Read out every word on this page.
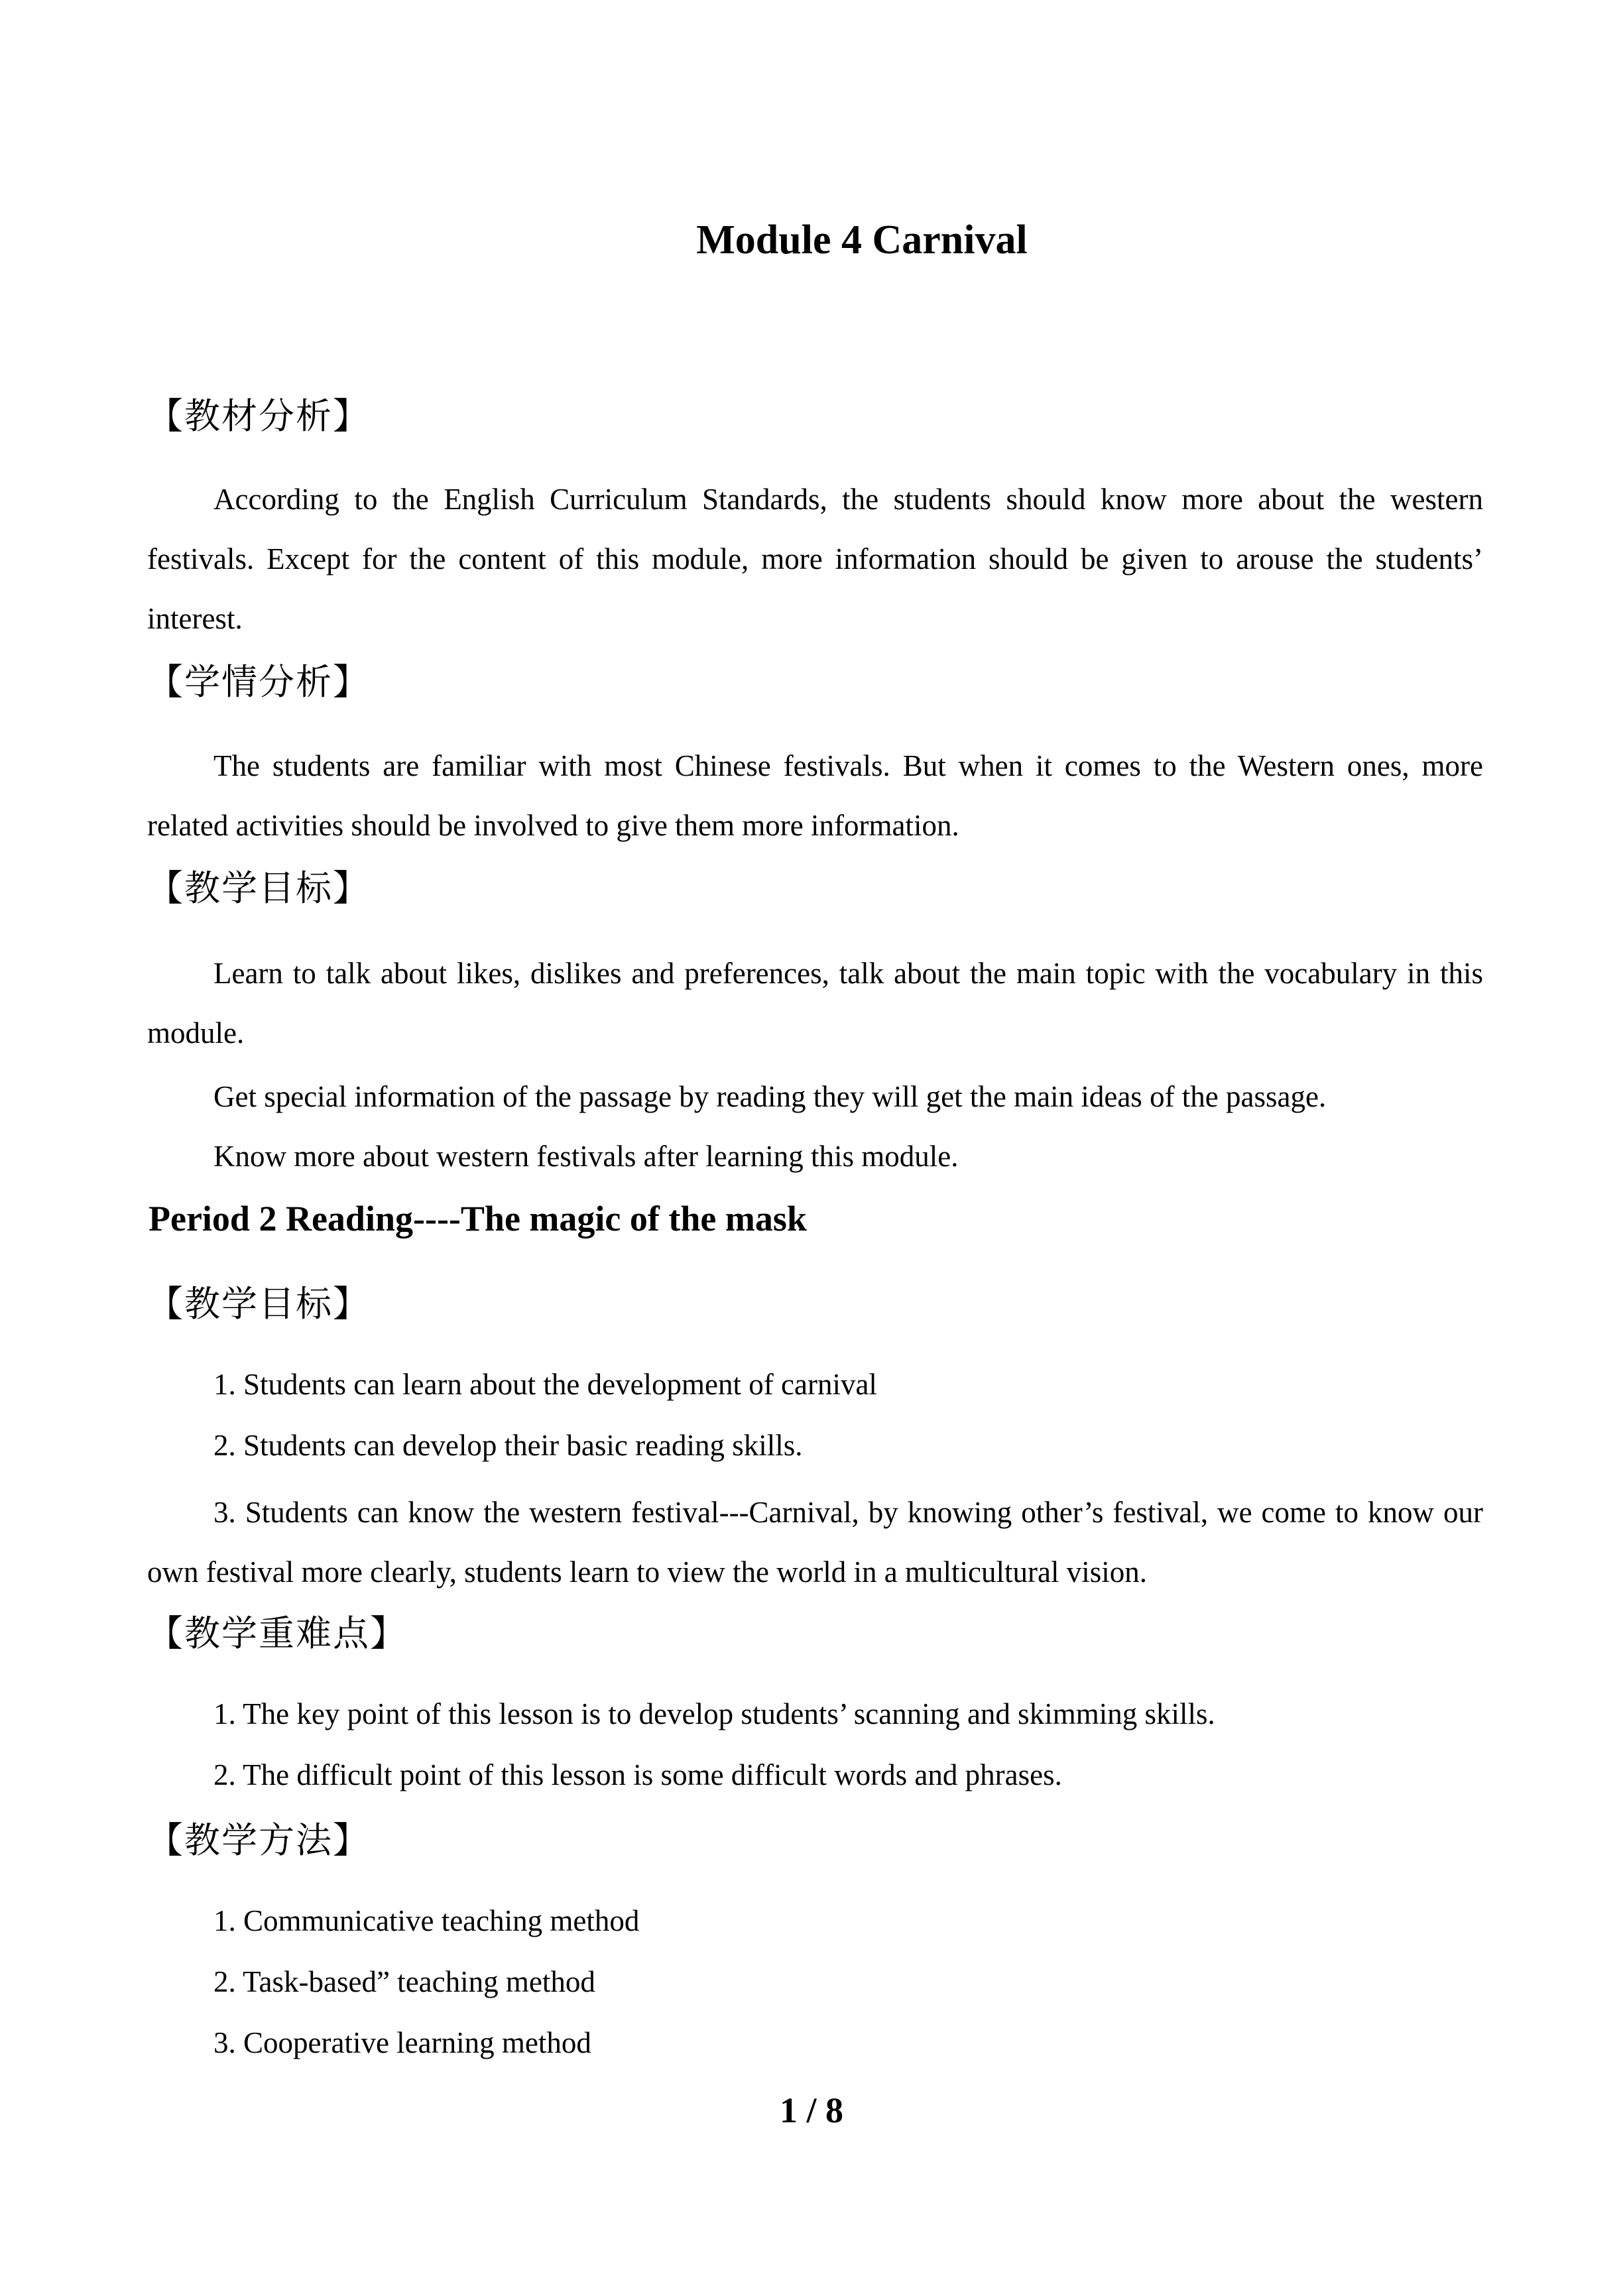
Module 4 Carnival
【教材分析】

According to the English Curriculum Standards, the students should know more about the western festivals. Except for the content of this module, more information should be given to arouse the students’ interest.

【学情分析】

The students are familiar with most Chinese festivals. But when it comes to the Western ones, more related activities should be involved to give them more information.

【教学目标】

Learn to talk about likes, dislikes and preferences, talk about the main topic with the vocabulary in this module.

Get special information of the passage by reading they will get the main ideas of the passage.
Know more about western festivals after learning this module.
Period 2 Reading----The magic of the mask
【教学目标】
1. Students can learn about the development of carnival
2. Students can develop their basic reading skills.

3. Students can know the western festival---Carnival, by knowing other’s festival, we come to know our own festival more clearly, students learn to view the world in a multicultural vision.

【教学重难点】
1. The key point of this lesson is to develop students’ scanning and skimming skills.
2. The difficult point of this lesson is some difficult words and phrases.
【教学方法】
1. Communicative teaching method
2. Task-based” teaching method
3. Cooperative learning method
1 / 8
